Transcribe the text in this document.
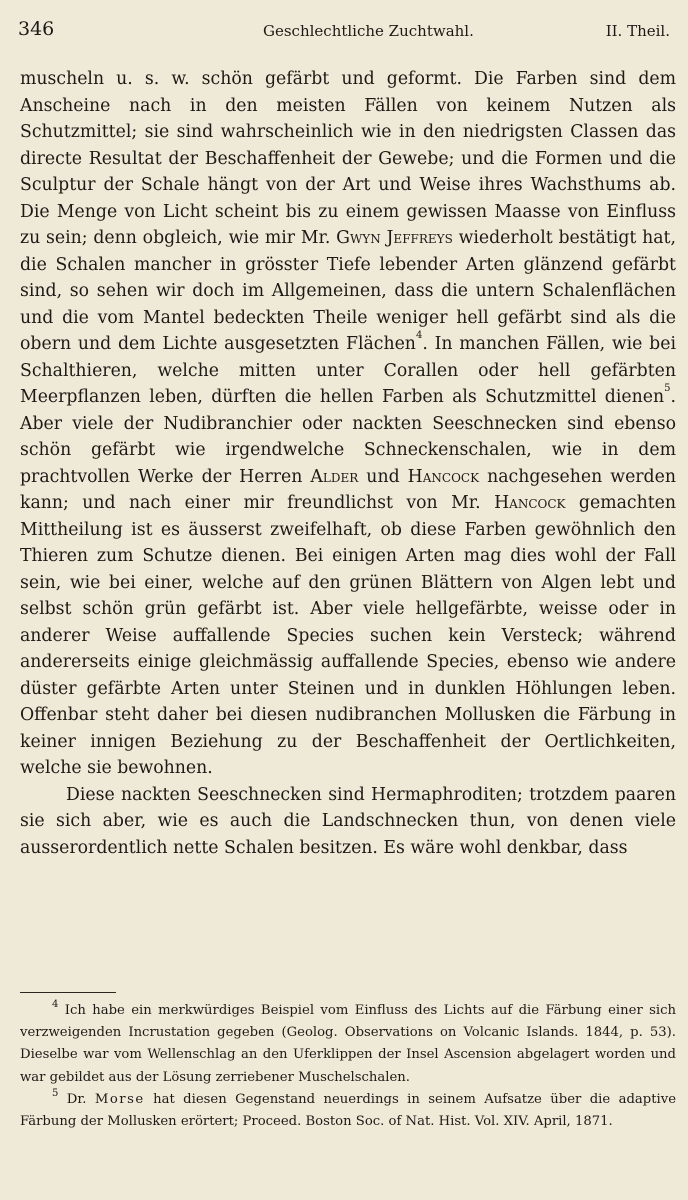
346	Geschlechtliche Zuchtwahl.	II. Theil.

muscheln u. s. w. schön gefärbt und geformt. Die Farben sind dem Anscheine nach in den meisten Fällen von keinem Nutzen als Schutzmittel; sie sind wahrscheinlich wie in den niedrigsten Classen das directe Resultat der Beschaffenheit der Gewebe; und die Formen und die Sculptur der Schale hängt von der Art und Weise ihres Wachsthums ab. Die Menge von Licht scheint bis zu einem gewissen Maasse von Einfluss zu sein; denn obgleich, wie mir Mr. Gwyn Jeffreys wiederholt bestätigt hat, die Schalen mancher in grösster Tiefe lebender Arten glänzend gefärbt sind, so sehen wir doch im Allgemeinen, dass die untern Schalenflächen und die vom Mantel bedeckten Theile weniger hell gefärbt sind als die obern und dem Lichte ausgesetzten Flächen$^4$. In manchen Fällen, wie bei Schalthieren, welche mitten unter Corallen oder hell gefärbten Meerpflanzen leben, dürften die hellen Farben als Schutzmittel dienen$^5$. Aber viele der Nudibranchier oder nackten Seeschnecken sind ebenso schön gefärbt wie irgendwelche Schneckenschalen, wie in dem prachtvollen Werke der Herren Alder und Hancock nachgesehen werden kann; und nach einer mir freundlichst von Mr. Hancock gemachten Mittheilung ist es äusserst zweifelhaft, ob diese Farben gewöhnlich den Thieren zum Schutze dienen. Bei einigen Arten mag dies wohl der Fall sein, wie bei einer, welche auf den grünen Blättern von Algen lebt und selbst schön grün gefärbt ist. Aber viele hellgefärbte, weisse oder in anderer Weise auffallende Species suchen kein Versteck; während andererseits einige gleichmässig auffallende Species, ebenso wie andere düster gefärbte Arten unter Steinen und in dunklen Höhlungen leben. Offenbar steht daher bei diesen nudibranchen Mollusken die Färbung in keiner innigen Beziehung zu der Beschaffenheit der Oertlichkeiten, welche sie bewohnen.

Diese nackten Seeschnecken sind Hermaphroditen; trotzdem paaren sie sich aber, wie es auch die Landschnecken thun, von denen viele ausserordentlich nette Schalen besitzen. Es wäre wohl denkbar, dass

$^4$ Ich habe ein merkwürdiges Beispiel vom Einfluss des Lichts auf die Färbung einer sich verzweigenden Incrustation gegeben (Geolog. Observations on Volcanic Islands. 1844, p. 53). Dieselbe war vom Wellenschlag an den Uferklippen der Insel Ascension abgelagert worden und war gebildet aus der Lösung zerriebener Muschelschalen.

$^5$ Dr. Morse hat diesen Gegenstand neuerdings in seinem Aufsatze über die adaptive Färbung der Mollusken erörtert; Proceed. Boston Soc. of Nat. Hist. Vol. XIV. April, 1871.
